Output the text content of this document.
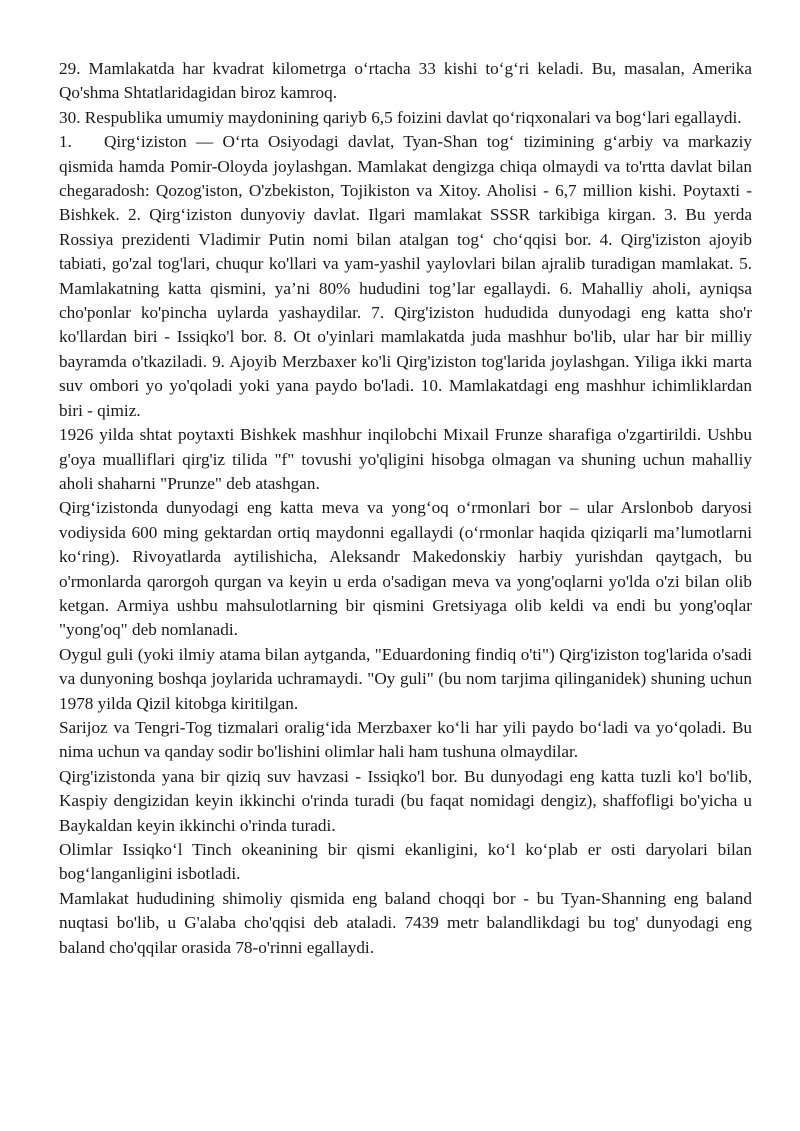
29. Mamlakatda har kvadrat kilometrga o‘rtacha 33 kishi to‘g‘ri keladi. Bu, masalan, Amerika Qo'shma Shtatlaridagidan biroz kamroq.

30. Respublika umumiy maydonining qariyb 6,5 foizini davlat qo‘riqxonalari va bog‘lari egallaydi.

1. Qirg‘iziston — O‘rta Osiyodagi davlat, Tyan-Shan tog‘ tizimining g‘arbiy va markaziy qismida hamda Pomir-Oloyda joylashgan. Mamlakat dengizga chiqa olmaydi va to'rtta davlat bilan chegaradosh: Qozog'iston, O'zbekiston, Tojikiston va Xitoy. Aholisi - 6,7 million kishi. Poytaxti - Bishkek. 2. Qirg‘iziston dunyoviy davlat. Ilgari mamlakat SSSR tarkibiga kirgan. 3. Bu yerda Rossiya prezidenti Vladimir Putin nomi bilan atalgan tog‘ cho‘qqisi bor. 4. Qirg'iziston ajoyib tabiati, go'zal tog'lari, chuqur ko'llari va yam-yashil yaylovlari bilan ajralib turadigan mamlakat. 5. Mamlakatning katta qismini, ya’ni 80% hududini tog’lar egallaydi. 6. Mahalliy aholi, ayniqsa cho'ponlar ko'pincha uylarda yashaydilar. 7. Qirg'iziston hududida dunyodagi eng katta sho'r ko'llardan biri - Issiqko'l bor. 8. Ot o'yinlari mamlakatda juda mashhur bo'lib, ular har bir milliy bayramda o'tkaziladi. 9. Ajoyib Merzbaxer ko'li Qirg'iziston tog'larida joylashgan. Yiliga ikki marta suv ombori yo yo'qoladi yoki yana paydo bo'ladi. 10. Mamlakatdagi eng mashhur ichimliklardan biri - qimiz.

1926 yilda shtat poytaxti Bishkek mashhur inqilobchi Mixail Frunze sharafiga o'zgartirildi. Ushbu g'oya mualliflari qirg'iz tilida "f" tovushi yo'qligini hisobga olmagan va shuning uchun mahalliy aholi shaharni "Prunze" deb atashgan.

Qirg‘izistonda dunyodagi eng katta meva va yong‘oq o‘rmonlari bor – ular Arslonbob daryosi vodiysida 600 ming gektardan ortiq maydonni egallaydi (o‘rmonlar haqida qiziqarli ma’lumotlarni ko‘ring). Rivoyatlarda aytilishicha, Aleksandr Makedonskiy harbiy yurishdan qaytgach, bu o'rmonlarda qarorgoh qurgan va keyin u erda o'sadigan meva va yong'oqlarni yo'lda o'zi bilan olib ketgan. Armiya ushbu mahsulotlarning bir qismini Gretsiyaga olib keldi va endi bu yong'oqlar "yong'oq" deb nomlanadi.

Oygul guli (yoki ilmiy atama bilan aytganda, "Eduardoning findiq o'ti") Qirg'iziston tog'larida o'sadi va dunyoning boshqa joylarida uchramaydi. "Oy guli" (bu nom tarjima qilinganidek) shuning uchun 1978 yilda Qizil kitobga kiritilgan.

Sarijoz va Tengri-Tog tizmalari oralig‘ida Merzbaxer ko‘li har yili paydo bo‘ladi va yo‘qoladi. Bu nima uchun va qanday sodir bo'lishini olimlar hali ham tushuna olmaydilar.

Qirg'izistonda yana bir qiziq suv havzasi - Issiqko'l bor. Bu dunyodagi eng katta tuzli ko'l bo'lib, Kaspiy dengizidan keyin ikkinchi o'rinda turadi (bu faqat nomidagi dengiz), shaffofligi bo'yicha u Baykaldan keyin ikkinchi o'rinda turadi.

Olimlar Issiqko‘l Tinch okeanining bir qismi ekanligini, ko‘l ko‘plab er osti daryolari bilan bog‘langanligini isbotladi.

Mamlakat hududining shimoliy qismida eng baland choqqi bor - bu Tyan-Shanning eng baland nuqtasi bo'lib, u G'alaba cho'qqisi deb ataladi. 7439 metr balandlikdagi bu tog' dunyodagi eng baland cho'qqilar orasida 78-o'rinni egallaydi.
